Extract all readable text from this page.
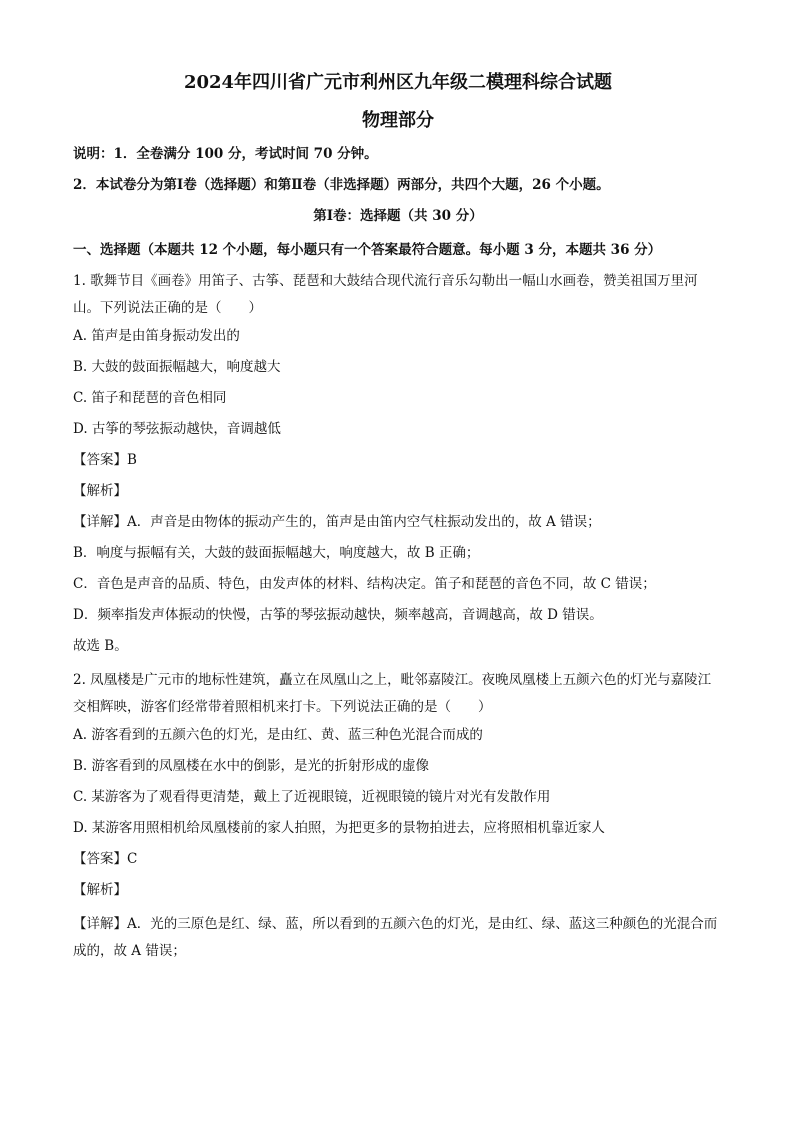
2024年四川省广元市利州区九年级二模理科综合试题
物理部分
说明：1．全卷满分 100 分，考试时间 70 分钟。
2．本试卷分为第Ⅰ卷（选择题）和第Ⅱ卷（非选择题）两部分，共四个大题，26 个小题。
第Ⅰ卷：选择题（共 30 分）
一、选择题（本题共 12 个小题，每小题只有一个答案最符合题意。每小题 3 分，本题共 36 分）
1. 歌舞节目《画卷》用笛子、古筝、琵琶和大鼓结合现代流行音乐勾勒出一幅山水画卷，赞美祖国万里河山。下列说法正确的是（　　）
A. 笛声是由笛身振动发出的
B. 大鼓的鼓面振幅越大，响度越大
C. 笛子和琵琶的音色相同
D. 古筝的琴弦振动越快，音调越低
【答案】B
【解析】
【详解】A．声音是由物体的振动产生的，笛声是由笛内空气柱振动发出的，故 A 错误；
B．响度与振幅有关，大鼓的鼓面振幅越大，响度越大，故 B 正确；
C．音色是声音的品质、特色，由发声体的材料、结构决定。笛子和琵琶的音色不同，故 C 错误；
D．频率指发声体振动的快慢，古筝的琴弦振动越快，频率越高，音调越高，故 D 错误。
故选 B。
2. 凤凰楼是广元市的地标性建筑，矗立在凤凰山之上，毗邻嘉陵江。夜晚凤凰楼上五颜六色的灯光与嘉陵江交相辉映，游客们经常带着照相机来打卡。下列说法正确的是（　　）
A. 游客看到的五颜六色的灯光，是由红、黄、蓝三种色光混合而成的
B. 游客看到的凤凰楼在水中的倒影，是光的折射形成的虚像
C. 某游客为了观看得更清楚，戴上了近视眼镜，近视眼镜的镜片对光有发散作用
D. 某游客用照相机给凤凰楼前的家人拍照，为把更多的景物拍进去，应将照相机靠近家人
【答案】C
【解析】
【详解】A．光的三原色是红、绿、蓝，所以看到的五颜六色的灯光，是由红、绿、蓝这三种颜色的光混合而成的，故 A 错误；
